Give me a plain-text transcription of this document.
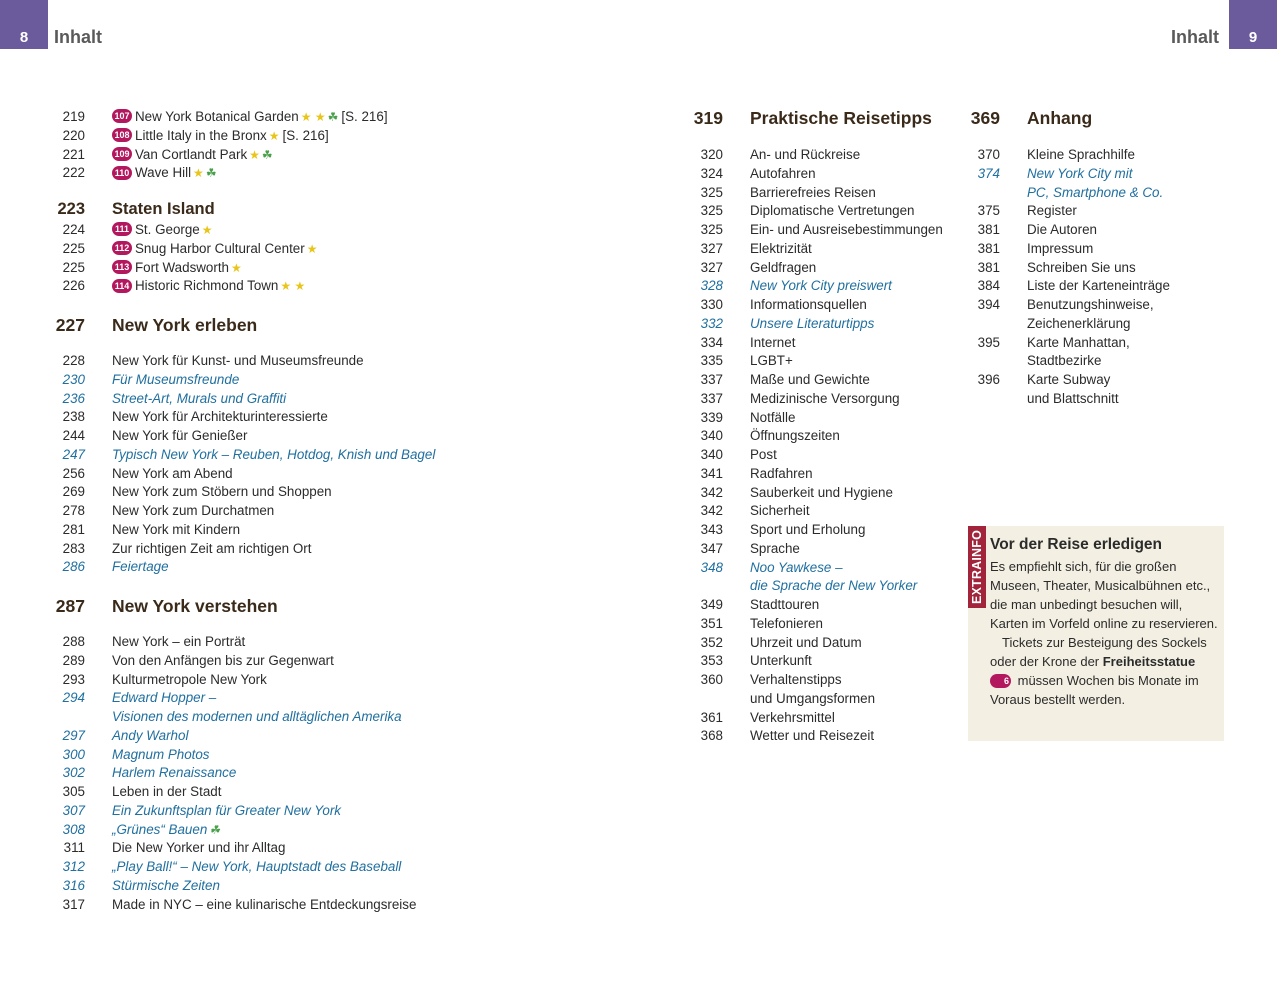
8 Inhalt	Inhalt 9
219	107 New York Botanical Garden ★ ★ ☘ [S. 216]
220	108 Little Italy in the Bronx ★ [S. 216]
221	109 Van Cortlandt Park ★ ☘
222	110 Wave Hill ★ ☘
223 Staten Island
224	111 St. George ★
225	112 Snug Harbor Cultural Center ★
225	113 Fort Wadsworth ★
226	114 Historic Richmond Town ★ ★
227 New York erleben
228 New York für Kunst- und Museumsfreunde
230 Für Museumsfreunde
236 Street-Art, Murals und Graffiti
238 New York für Architekturinteressierte
244 New York für Genießer
247 Typisch New York – Reuben, Hotdog, Knish und Bagel
256 New York am Abend
269 New York zum Stöbern und Shoppen
278 New York zum Durchatmen
281 New York mit Kindern
283 Zur richtigen Zeit am richtigen Ort
286 Feiertage
287 New York verstehen
288 New York – ein Porträt
289 Von den Anfängen bis zur Gegenwart
293 Kulturmetropole New York
294 Edward Hopper –
Visionen des modernen und alltäglichen Amerika
297 Andy Warhol
300 Magnum Photos
302 Harlem Renaissance
305 Leben in der Stadt
307 Ein Zukunftsplan für Greater New York
308 „Grünes“ Bauen ☘
311 Die New Yorker und ihr Alltag
312 „Play Ball!“ – New York, Hauptstadt des Baseball
316 Stürmische Zeiten
317 Made in NYC – eine kulinarische Entdeckungsreise
319 Praktische Reisetipps
320 An- und Rückreise
324 Autofahren
325 Barrierefreies Reisen
325 Diplomatische Vertretungen
325 Ein- und Ausreisebestimmungen
327 Elektrizität
327 Geldfragen
328 New York City preiswert
330 Informationsquellen
332 Unsere Literaturtipps
334 Internet
335 LGBT+
337 Maße und Gewichte
337 Medizinische Versorgung
339 Notfälle
340 Öffnungszeiten
340 Post
341 Radfahren
342 Sauberkeit und Hygiene
342 Sicherheit
343 Sport und Erholung
347 Sprache
348 Noo Yawkese –
die Sprache der New Yorker
349 Stadttouren
351 Telefonieren
352 Uhrzeit und Datum
353 Unterkunft
360 Verhaltenstipps
und Umgangsformen
361 Verkehrsmittel
368 Wetter und Reisezeit
369 Anhang
370 Kleine Sprachhilfe
374 New York City mit
PC, Smartphone & Co.
375 Register
381 Die Autoren
381 Impressum
381 Schreiben Sie uns
384 Liste der Karteneinträge
394 Benutzungshinweise,
Zeichenerklärung
395 Karte Manhattan,
Stadtbezirke
396 Karte Subway
und Blattschnitt
EXTRAINFO Vor der Reise erledigen
Es empfiehlt sich, für die großen Museen, Theater, Musicalbühnen etc., die man unbedingt besuchen will, Karten im Vorfeld online zu reservieren.
Tickets zur Besteigung des Sockels oder der Krone der Freiheitsstatue 6 müssen Wochen bis Monate im Voraus bestellt werden.
